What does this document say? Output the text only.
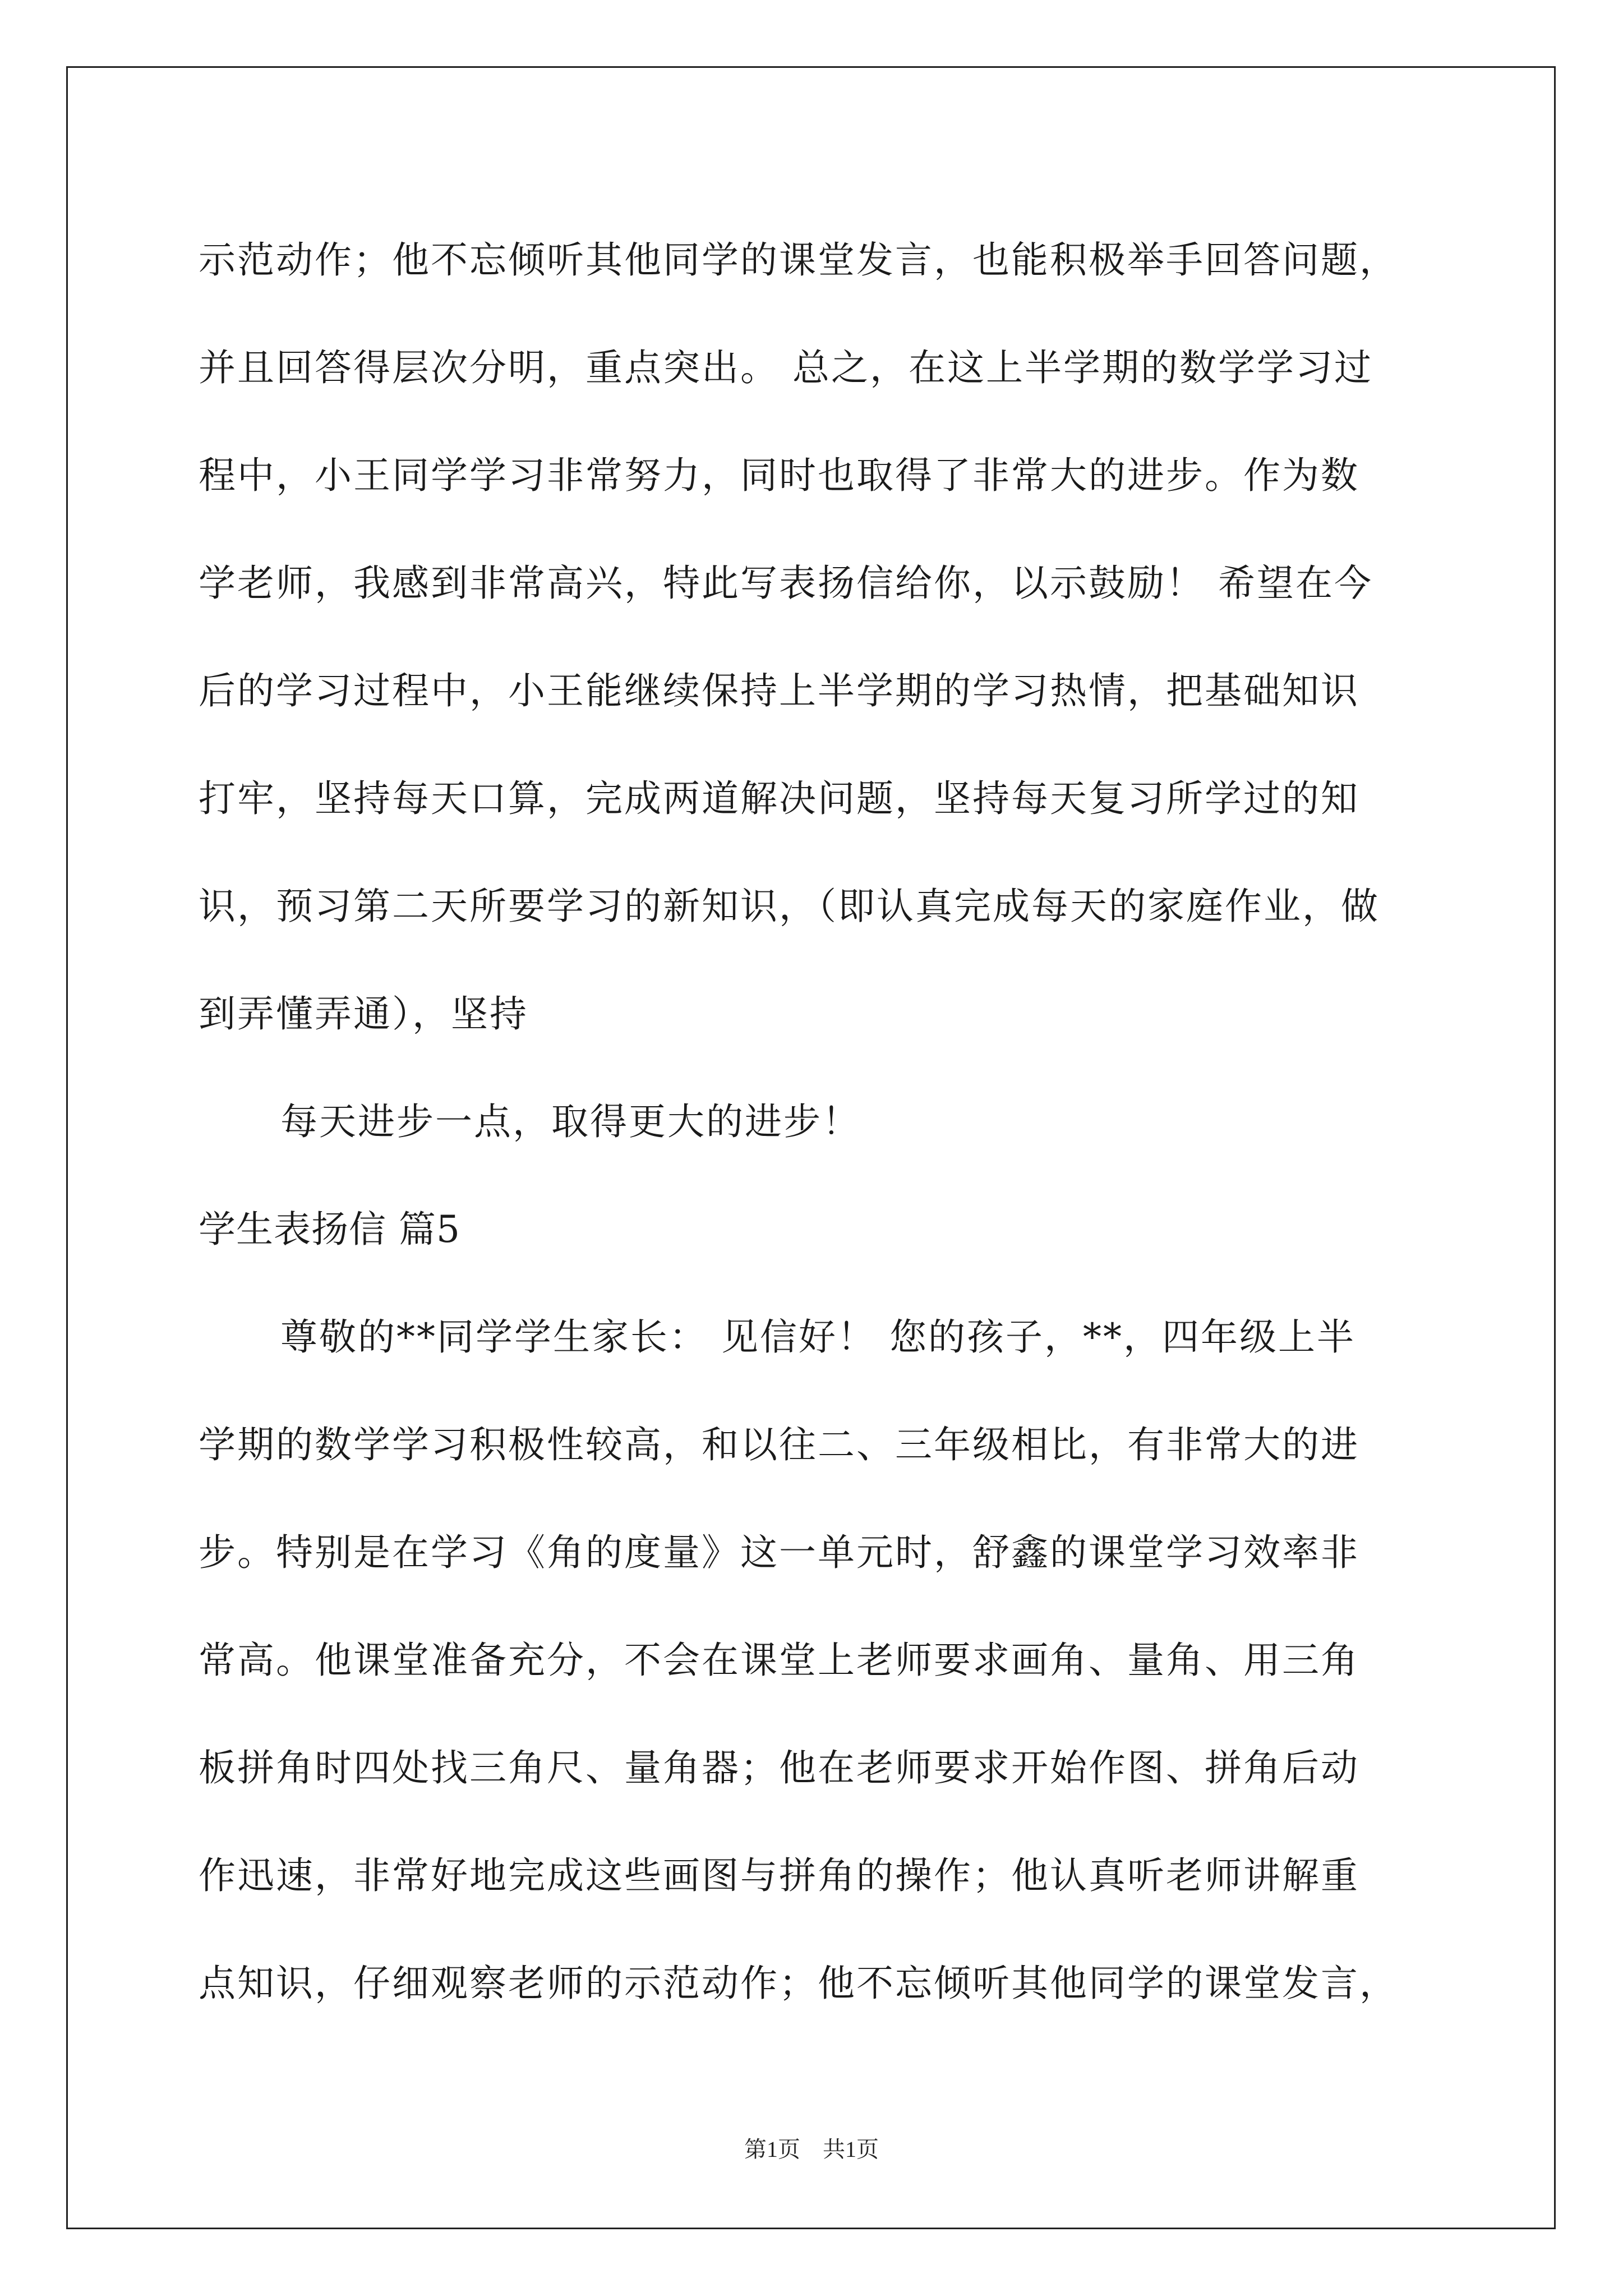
示范动作；他不忘倾听其他同学的课堂发言，也能积极举手回答问题，
并且回答得层次分明，重点突出。 总之，在这上半学期的数学学习过
程中，小王同学学习非常努力，同时也取得了非常大的进步。作为数
学老师，我感到非常高兴，特此写表扬信给你，以示鼓励！ 希望在今
后的学习过程中，小王能继续保持上半学期的学习热情，把基础知识
打牢，坚持每天口算，完成两道解决问题，坚持每天复习所学过的知
识，预习第二天所要学习的新知识，（即认真完成每天的家庭作业，做
到弄懂弄通），坚持
每天进步一点，取得更大的进步！
学生表扬信 篇5
尊敬的**同学学生家长： 见信好！ 您的孩子，**，四年级上半
学期的数学学习积极性较高，和以往二、三年级相比，有非常大的进
步。特别是在学习《角的度量》这一单元时，舒鑫的课堂学习效率非
常高。他课堂准备充分，不会在课堂上老师要求画角、量角、用三角
板拼角时四处找三角尺、量角器；他在老师要求开始作图、拼角后动
作迅速，非常好地完成这些画图与拼角的操作；他认真听老师讲解重
点知识，仔细观察老师的示范动作；他不忘倾听其他同学的课堂发言，
第1页 共1页
